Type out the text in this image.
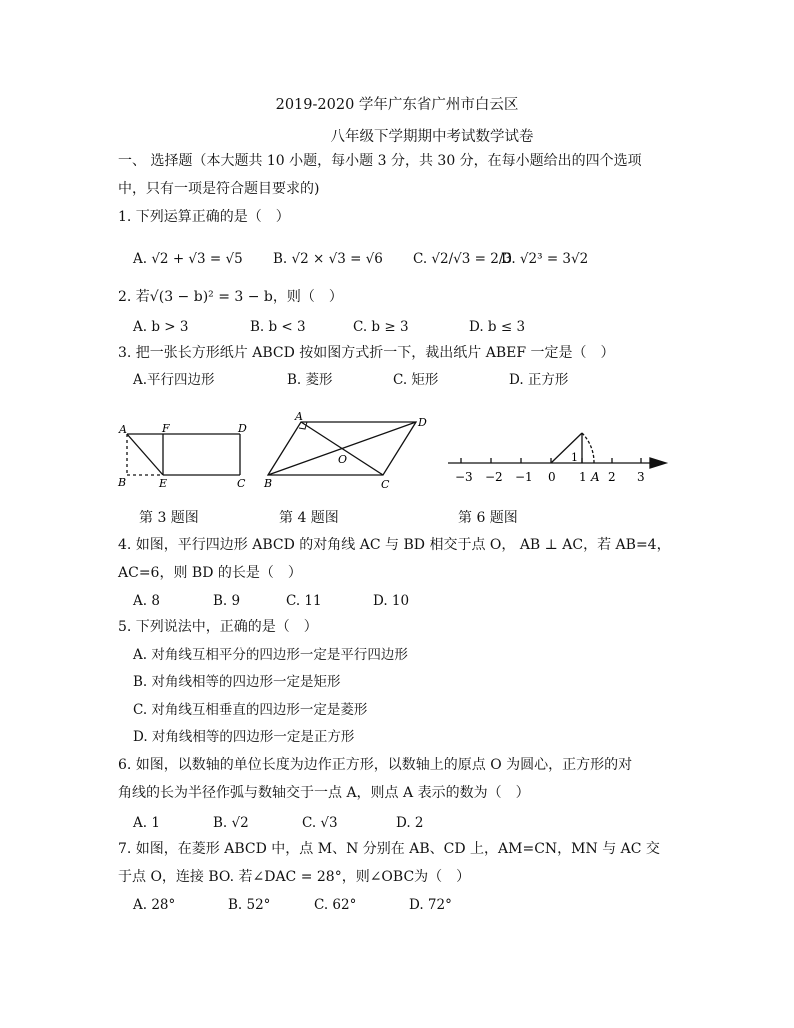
2019-2020 学年广东省广州市白云区
八年级下学期期中考试数学试卷
一、 选择题（本大题共 10 小题，每小题 3 分，共 30 分，在每小题给出的四个选项
中，只有一项是符合题目要求的)
1. 下列运算正确的是（　）
A. √2 + √3 = √5 B. √2 × √3 = √6 C. √2/√3 = 2/3
D. √2³ = 3√2
2. 若√(3 − b)² = 3 − b，则（　）
A. b > 3	B. b < 3	C. b ≥ 3	D. b ≤ 3
3. 把一张长方形纸片 ABCD 按如图方式折一下，裁出纸片 ABEF 一定是（　）
A.平行四边形	B. 菱形	C. 矩形	D. 正方形
A	F	D
B	E	C
A	D
O
B	C
1
−3 −2 −1 0 1 A 2 3
第 3 题图	第 4 题图	第 6 题图
4. 如图，平行四边形 ABCD 的对角线 AC 与 BD 相交于点 O， AB ⊥ AC，若 AB=4，
AC=6，则 BD 的长是（　）
A. 8	B. 9	C. 11	D. 10
5. 下列说法中，正确的是（　）
A. 对角线互相平分的四边形一定是平行四边形
B. 对角线相等的四边形一定是矩形
C. 对角线互相垂直的四边形一定是菱形
D. 对角线相等的四边形一定是正方形
6. 如图，以数轴的单位长度为边作正方形，以数轴上的原点 O 为圆心，正方形的对
角线的长为半径作弧与数轴交于一点 A，则点 A 表示的数为（　）
A. 1	B. √2	C. √3	D. 2
7. 如图，在菱形 ABCD 中，点 M、N 分别在 AB、CD 上，AM=CN，MN 与 AC 交
于点 O，连接 BO. 若∠DAC = 28°，则∠OBC为（　）
A. 28°	B. 52°	C. 62°	D. 72°
